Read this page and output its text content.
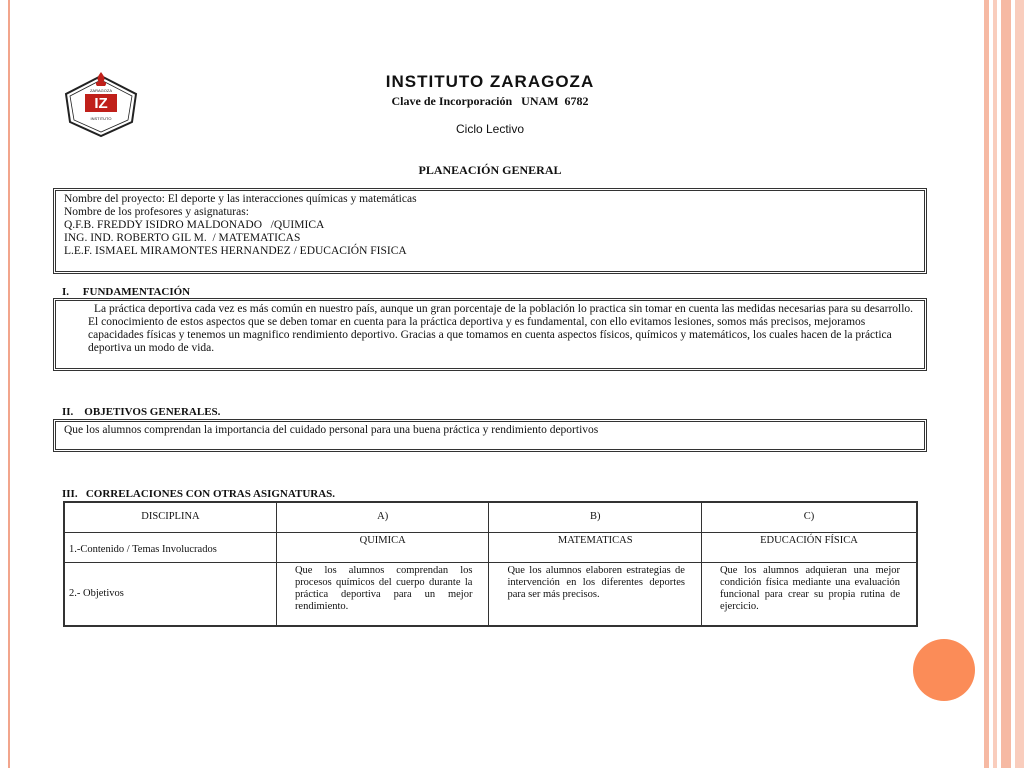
IZ
ZARAGOZA
INSTITUTO
INSTITUTO ZARAGOZA
Clave de Incorporación   UNAM  6782
Ciclo Lectivo
PLANEACIÓN GENERAL
Nombre del proyecto: El deporte y las interacciones químicas y matemáticas
Nombre de los profesores y asignaturas:
Q.F.B. FREDDY ISIDRO MALDONADO   /QUIMICA
ING. IND. ROBERTO GIL M.  / MATEMATICAS
L.E.F. ISMAEL MIRAMONTES HERNANDEZ / EDUCACIÓN FISICA
I.     FUNDAMENTACIÓN
La práctica deportiva cada vez es más común en nuestro país, aunque un gran porcentaje de la población lo practica sin tomar en cuenta las medidas necesarias para su desarrollo.
El conocimiento de estos aspectos que se deben tomar en cuenta para la práctica deportiva y es fundamental, con ello evitamos lesiones, somos más precisos, mejoramos capacidades físicas y tenemos un magnifico rendimiento deportivo. Gracias a que tomamos en cuenta aspectos físicos, químicos y matemáticos, los cuales hacen de la práctica deportiva un modo de vida.
II.    OBJETIVOS GENERALES.
Que los alumnos comprendan la importancia del cuidado personal para una buena práctica y rendimiento deportivos
III.   CORRELACIONES CON OTRAS ASIGNATURAS.
DISCIPLINA	A)	B)	C)
1.-Contenido / Temas Involucrados	QUIMICA	MATEMATICAS	EDUCACIÓN FÍSICA
2.- Objetivos	Que los alumnos comprendan los procesos químicos del cuerpo durante la práctica deportiva para un mejor rendimiento.	Que los alumnos elaboren estrategias de intervención en los diferentes deportes para ser más precisos.	Que los alumnos adquieran una mejor condición física mediante una evaluación funcional para crear su propia rutina de ejercicio.
